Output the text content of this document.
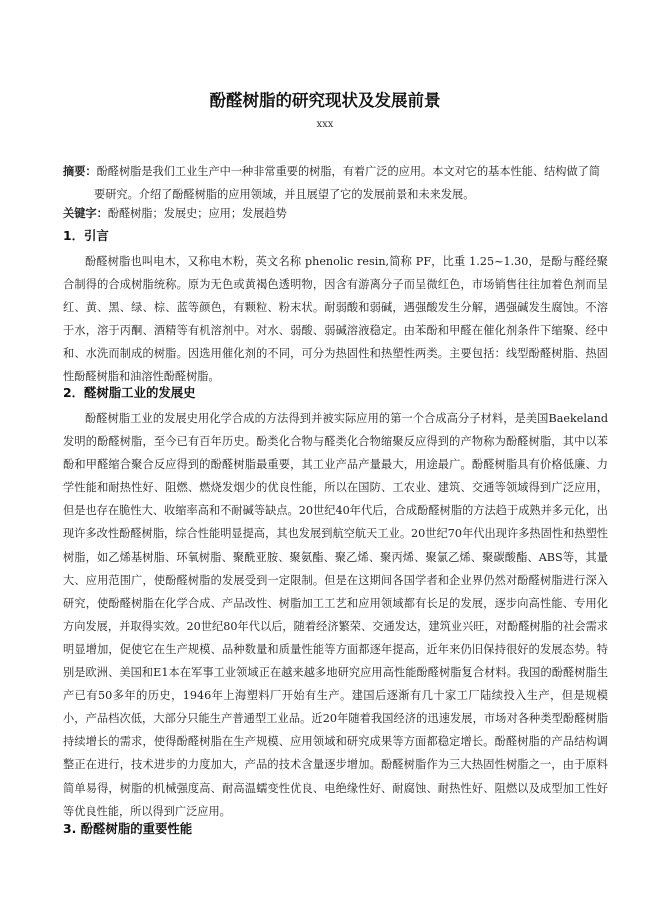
酚醛树脂的研究现状及发展前景
xxx

摘要：酚醛树脂是我们工业生产中一种非常重要的树脂，有着广泛的应用。本文对它的基本性能、结构做了简要研究。介绍了酚醛树脂的应用领域，并且展望了它的发展前景和未来发展。

关键字：酚醛树脂；发展史；应用；发展趋势

1．引言

酚醛树脂也叫电木，又称电木粉，英文名称 phenolic resin,简称 PF，比重 1.25~1.30，是酚与醛经聚合制得的合成树脂统称。原为无色或黄褐色透明物，因含有游离分子而呈微红色，市场销售往往加着色剂而呈红、黄、黑、绿、棕、蓝等颜色，有颗粒、粉末状。耐弱酸和弱碱，遇强酸发生分解，遇强碱发生腐蚀。不溶于水，溶于丙酮、酒精等有机溶剂中。对水、弱酸、弱碱溶液稳定。由苯酚和甲醛在催化剂条件下缩聚、经中和、水洗而制成的树脂。因选用催化剂的不同，可分为热固性和热塑性两类。主要包括：线型酚醛树脂、热固性酚醛树脂和油溶性酚醛树脂。

2．醛树脂工业的发展史

酚醛树脂工业的发展史用化学合成的方法得到并被实际应用的第一个合成高分子材料，是美国Baekeland发明的酚醛树脂，至今已有百年历史。酚类化合物与醛类化合物缩聚反应得到的产物称为酚醛树脂，其中以苯酚和甲醛缩合聚合反应得到的酚醛树脂最重要，其工业产品产量最大，用途最广。酚醛树脂具有价格低廉、力学性能和耐热性好、阻燃、燃烧发烟少的优良性能，所以在国防、工农业、建筑、交通等领域得到广泛应用，但是也存在脆性大、收缩率高和不耐碱等缺点。20世纪40年代后，合成酚醛树脂的方法趋于成熟并多元化，出现许多改性酚醛树脂，综合性能明显提高，其也发展到航空航天工业。20世纪70年代出现许多热固性和热塑性树脂，如乙烯基树脂、环氧树脂、聚酰亚胺、聚氨酯、聚乙烯、聚丙烯、聚氯乙烯、聚碳酸酯、ABS等，其量大、应用范围广，使酚醛树脂的发展受到一定限制。但是在这期间各国学者和企业界仍然对酚醛树脂进行深入研究，使酚醛树脂在化学合成、产品改性、树脂加工工艺和应用领域都有长足的发展，逐步向高性能、专用化方向发展，并取得实效。20世纪80年代以后，随着经济繁荣、交通发达，建筑业兴旺，对酚醛树脂的社会需求明显增加，促使它在生产规模、品种数量和质量性能等方面都逐年提高，近年来仍旧保持很好的发展态势。特别是欧洲、美国和E1本在军事工业领域正在越来越多地研究应用高性能酚醛树脂复合材料。我国的酚醛树脂生产已有50多年的历史，1946年上海塑料厂开始有生产。建国后逐渐有几十家工厂陆续投入生产，但是规模小，产品档次低，大部分只能生产普通型工业品。近20年随着我国经济的迅速发展，市场对各种类型酚醛树脂持续增长的需求，使得酚醛树脂在生产规模、应用领域和研究成果等方面都稳定增长。酚醛树脂的产品结构调整正在进行，技术进步的力度加大，产品的技术含量逐步增加。酚醛树脂作为三大热固性树脂之一，由于原料简单易得，树脂的机械强度高、耐高温蠕变性优良、电绝缘性好、耐腐蚀、耐热性好、阻燃以及成型加工性好等优良性能，所以得到广泛应用。

3. 酚醛树脂的重要性能
